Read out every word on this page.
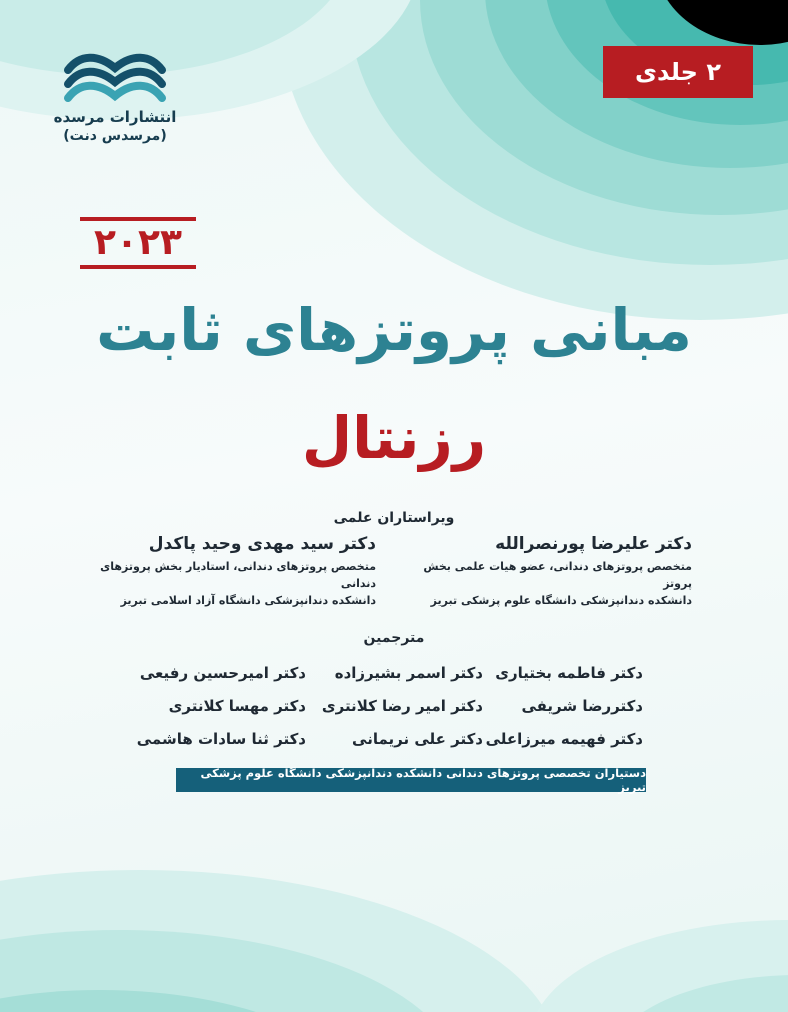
انتشارات مرسده
(مرسدس دنت)
۲ جلدی
۲۰۲۳
مبانی پروتزهای ثابت
رزنتال
ویراستاران علمی
دکتر علیرضا پورنصرالله
متخصص پروتزهای دندانی، عضو هیات علمی بخش پروتز
دانشکده دندانپزشکی دانشگاه علوم پزشکی تبریز
دکتر سید مهدی وحید پاکدل
متخصص پروتزهای دندانی، استادیار بخش پروتزهای دندانی
دانشکده دندانپزشکی دانشگاه آزاد اسلامی تبریز
مترجمین
دکتر فاطمه بختیاری
دکتر اسمر بشیرزاده
دکتر امیرحسین رفیعی
دکتررضا شریفی
دکتر امیر رضا کلانتری
دکتر مهسا کلانتری
دکتر فهیمه میرزاعلی
دکتر علی نریمانی
دکتر ثنا سادات هاشمی
دستیاران تخصصی پروتزهای دندانی دانشکده دندانپزشکی دانشگاه علوم پزشکی تبریز
